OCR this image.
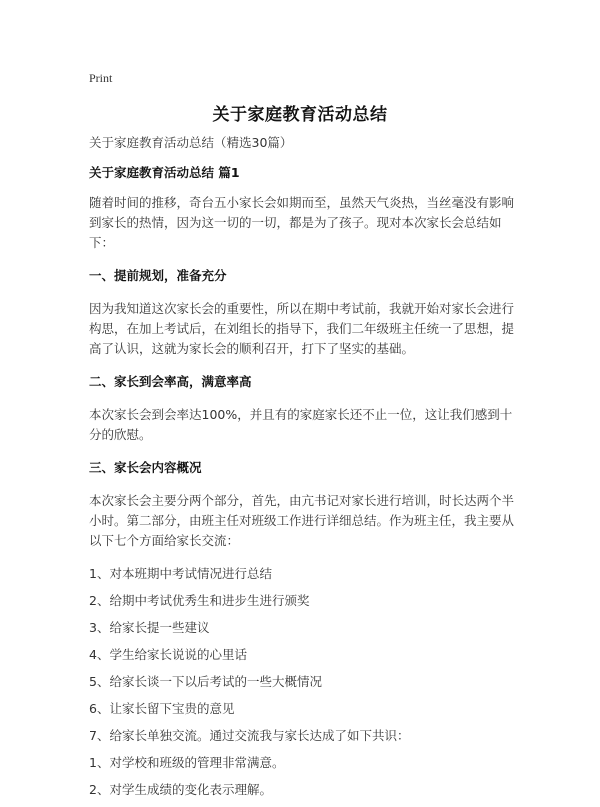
Print
关于家庭教育活动总结
关于家庭教育活动总结（精选30篇）
关于家庭教育活动总结 篇1

随着时间的推移，奇台五小家长会如期而至，虽然天气炎热，当丝毫没有影响到家长的热情，因为这一切的一切，都是为了孩子。现对本次家长会总结如下：

一、提前规划，准备充分

因为我知道这次家长会的重要性，所以在期中考试前，我就开始对家长会进行构思，在加上考试后，在刘组长的指导下，我们二年级班主任统一了思想，提高了认识，这就为家长会的顺利召开，打下了坚实的基础。

二、家长到会率高，满意率高

本次家长会到会率达100%，并且有的家庭家长还不止一位，这让我们感到十分的欣慰。

三、家长会内容概况

本次家长会主要分两个部分，首先，由亢书记对家长进行培训，时长达两个半小时。第二部分，由班主任对班级工作进行详细总结。作为班主任，我主要从以下七个方面给家长交流：

1、对本班期中考试情况进行总结

2、给期中考试优秀生和进步生进行颁奖

3、给家长提一些建议

4、学生给家长说说的心里话

5、给家长谈一下以后考试的一些大概情况

6、让家长留下宝贵的意见

7、给家长单独交流。通过交流我与家长达成了如下共识：

1、对学校和班级的管理非常满意。

2、对学生成绩的变化表示理解。
